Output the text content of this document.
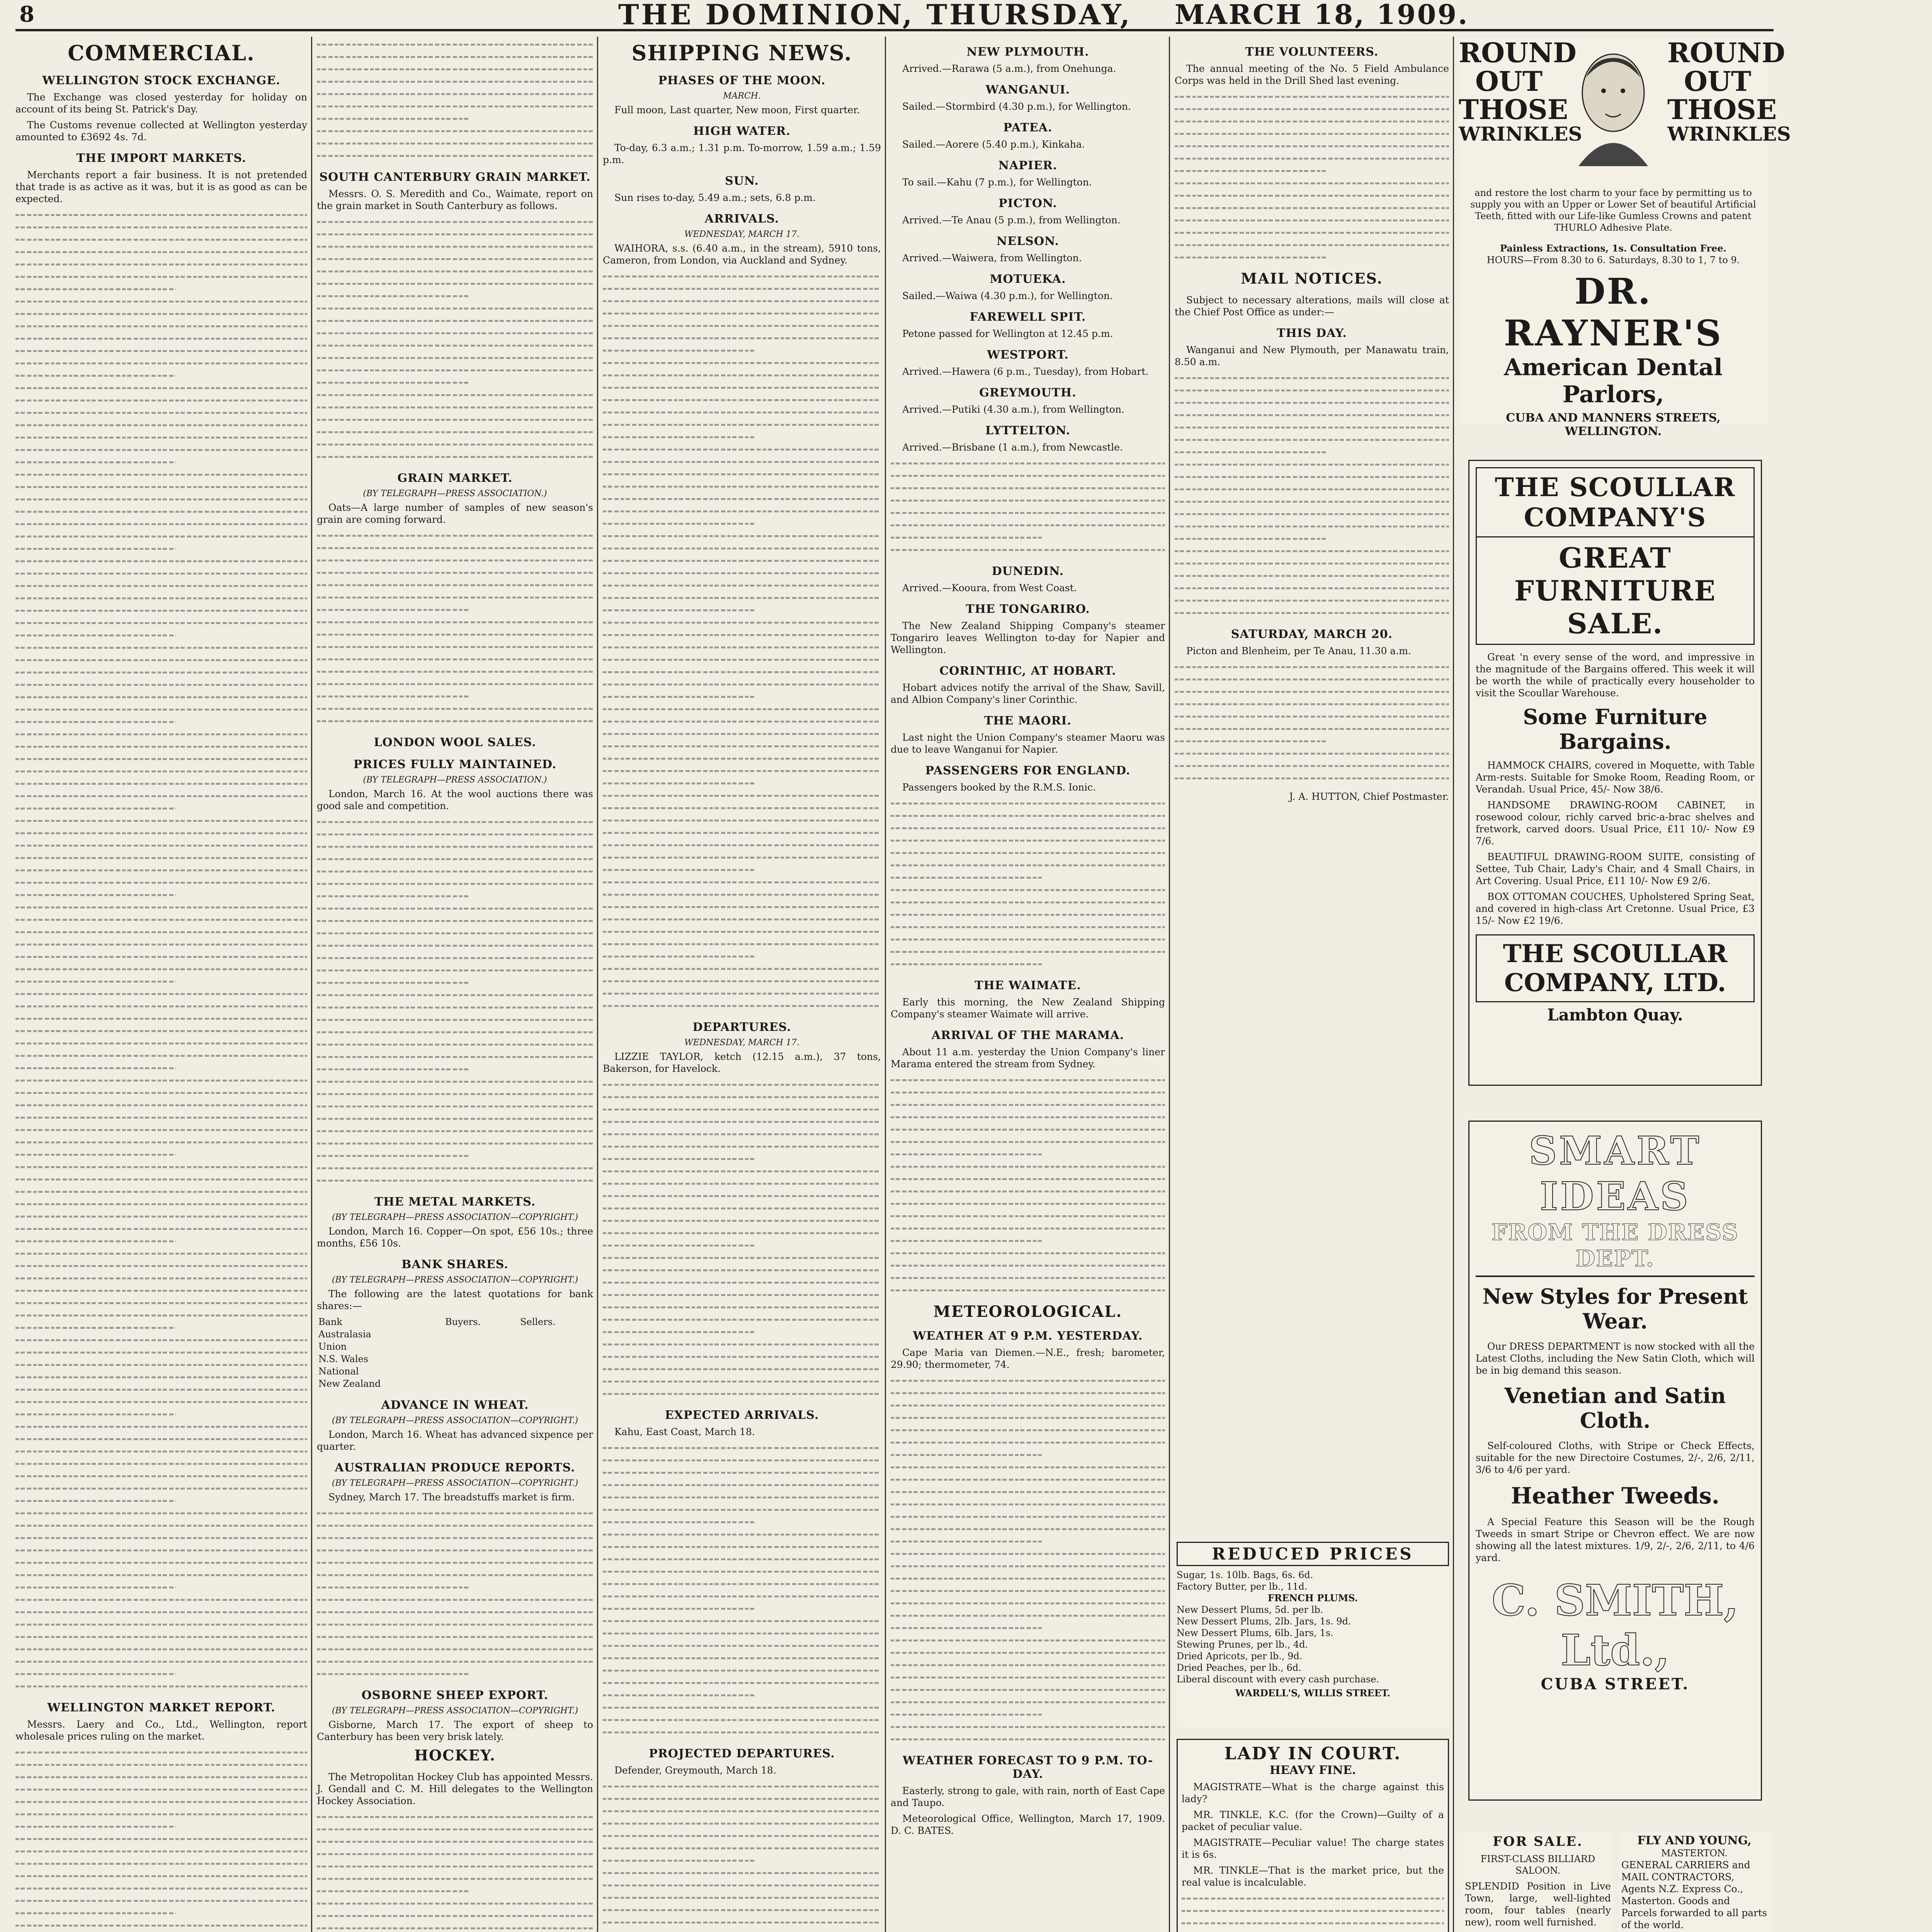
8	THE DOMINION, THURSDAY, MARCH 18, 1909.
COMMERCIAL.
WELLINGTON STOCK EXCHANGE.

The Exchange was closed yesterday for holiday on account of its being St. Patrick's Day.

The Customs revenue collected at Wellington yesterday amounted to £3692 4s. 7d.

THE IMPORT MARKETS.

Merchants report a fair business. It is not pretended that trade is as active as it was, but it is as good as can be expected.

WELLINGTON MARKET REPORT.

Messrs. Laery and Co., Ltd., Wellington, report wholesale prices ruling on the market.

SOUTH CANTERBURY GRAIN MARKET.

Messrs. O. S. Meredith and Co., Waimate, report on the grain market in South Canterbury as follows.

GRAIN MARKET.
(BY TELEGRAPH—PRESS ASSOCIATION.)

Oats—A large number of samples of new season's grain are coming forward.

LONDON WOOL SALES.
PRICES FULLY MAINTAINED.
(BY TELEGRAPH—PRESS ASSOCIATION.)

London, March 16. At the wool auctions there was good sale and competition.

THE METAL MARKETS.
(BY TELEGRAPH—PRESS ASSOCIATION—COPYRIGHT.)

London, March 16. Copper—On spot, £56 10s.; three months, £56 10s.

BANK SHARES.
(BY TELEGRAPH—PRESS ASSOCIATION—COPYRIGHT.)

The following are the latest quotations for bank shares:—

Bank	Buyers.	Sellers.
Australasia		
Union		
N.S. Wales		
National		
New Zealand		
ADVANCE IN WHEAT.
(BY TELEGRAPH—PRESS ASSOCIATION—COPYRIGHT.)

London, March 16. Wheat has advanced sixpence per quarter.

AUSTRALIAN PRODUCE REPORTS.
(BY TELEGRAPH—PRESS ASSOCIATION—COPYRIGHT.)

Sydney, March 17. The breadstuffs market is firm.

OSBORNE SHEEP EXPORT.
(BY TELEGRAPH—PRESS ASSOCIATION—COPYRIGHT.)

Gisborne, March 17. The export of sheep to Canterbury has been very brisk lately.

HOCKEY.

The Metropolitan Hockey Club has appointed Messrs. J. Gendall and C. M. Hill delegates to the Wellington Hockey Association.

SHIPPING NEWS.
PHASES OF THE MOON.
MARCH.

Full moon, Last quarter, New moon, First quarter.

HIGH WATER.

To-day, 6.3 a.m.; 1.31 p.m. To-morrow, 1.59 a.m.; 1.59 p.m.

SUN.

Sun rises to-day, 5.49 a.m.; sets, 6.8 p.m.

ARRIVALS.
WEDNESDAY, MARCH 17.

WAIHORA, s.s. (6.40 a.m., in the stream), 5910 tons, Cameron, from London, via Auckland and Sydney.

DEPARTURES.
WEDNESDAY, MARCH 17.

LIZZIE TAYLOR, ketch (12.15 a.m.), 37 tons, Bakerson, for Havelock.

EXPECTED ARRIVALS.

Kahu, East Coast, March 18.

PROJECTED DEPARTURES.

Defender, Greymouth, March 18.

NEW PLYMOUTH.

Arrived.—Rarawa (5 a.m.), from Onehunga.

WANGANUI.

Sailed.—Stormbird (4.30 p.m.), for Wellington.

PATEA.

Sailed.—Aorere (5.40 p.m.), Kinkaha.

NAPIER.

To sail.—Kahu (7 p.m.), for Wellington.

PICTON.

Arrived.—Te Anau (5 p.m.), from Wellington.

NELSON.

Arrived.—Waiwera, from Wellington.

MOTUEKA.

Sailed.—Waiwa (4.30 p.m.), for Wellington.

FAREWELL SPIT.

Petone passed for Wellington at 12.45 p.m.

WESTPORT.

Arrived.—Hawera (6 p.m., Tuesday), from Hobart.

GREYMOUTH.

Arrived.—Putiki (4.30 a.m.), from Wellington.

LYTTELTON.

Arrived.—Brisbane (1 a.m.), from Newcastle.

DUNEDIN.

Arrived.—Kooura, from West Coast.

THE TONGARIRO.

The New Zealand Shipping Company's steamer Tongariro leaves Wellington to-day for Napier and Wellington.

CORINTHIC, AT HOBART.

Hobart advices notify the arrival of the Shaw, Savill, and Albion Company's liner Corinthic.

THE MAORI.

Last night the Union Company's steamer Maoru was due to leave Wanganui for Napier.

PASSENGERS FOR ENGLAND.

Passengers booked by the R.M.S. Ionic.

THE WAIMATE.

Early this morning, the New Zealand Shipping Company's steamer Waimate will arrive.

ARRIVAL OF THE MARAMA.

About 11 a.m. yesterday the Union Company's liner Marama entered the stream from Sydney.

METEOROLOGICAL.
WEATHER AT 9 P.M. YESTERDAY.

Cape Maria van Diemen.—N.E., fresh; barometer, 29.90; thermometer, 74.

WEATHER FORECAST TO 9 P.M. TO-DAY.

Easterly, strong to gale, with rain, north of East Cape and Taupo.

Meteorological Office, Wellington, March 17, 1909. D. C. BATES.

THE VOLUNTEERS.

The annual meeting of the No. 5 Field Ambulance Corps was held in the Drill Shed last evening.

MAIL NOTICES.

Subject to necessary alterations, mails will close at the Chief Post Office as under:—

THIS DAY.

Wanganui and New Plymouth, per Manawatu train, 8.50 a.m.

SATURDAY, MARCH 20.

Picton and Blenheim, per Te Anau, 11.30 a.m.

J. A. HUTTON, Chief Postmaster.

REDUCED PRICES
Sugar, 1s. 10lb. Bags, 6s. 6d.
Factory Butter, per lb., 11d.
FRENCH PLUMS.
New Dessert Plums, 5d. per lb.
New Dessert Plums, 2lb. Jars, 1s. 9d.
New Dessert Plums, 6lb. Jars, 1s.
Stewing Prunes, per lb., 4d.
Dried Apricots, per lb., 9d.
Dried Peaches, per lb., 6d.
Liberal discount with every cash purchase.
WARDELL'S, WILLIS STREET.
LADY IN COURT.
HEAVY FINE.

MAGISTRATE—What is the charge against this lady?

MR. TINKLE, K.C. (for the Crown)—Guilty of a packet of peculiar value.

MAGISTRATE—Peculiar value! The charge states it is 6s.

MR. TINKLE—That is the market price, but the real value is incalculable.

ROUND
OUT
THOSE
WRINKLES
ROUND
OUT
THOSE
WRINKLES

and restore the lost charm to your face by permitting us to supply you with an Upper or Lower Set of beautiful Artificial Teeth, fitted with our Life-like Gumless Crowns and patent THURLO Adhesive Plate.

Painless Extractions, 1s. Consultation Free.
HOURS—From 8.30 to 6. Saturdays, 8.30 to 1, 7 to 9.
DR. RAYNER'S
American Dental Parlors,
CUBA AND MANNERS STREETS, WELLINGTON.
THE SCOULLAR COMPANY'S
GREAT FURNITURE SALE.

Great 'n every sense of the word, and impressive in the magnitude of the Bargains offered. This week it will be worth the while of practically every householder to visit the Scoullar Warehouse.

Some Furniture Bargains.

HAMMOCK CHAIRS, covered in Moquette, with Table Arm-rests. Suitable for Smoke Room, Reading Room, or Verandah. Usual Price, 45/- Now 38/6.

HANDSOME DRAWING-ROOM CABINET, in rosewood colour, richly carved bric-a-brac shelves and fretwork, carved doors. Usual Price, £11 10/- Now £9 7/6.

BEAUTIFUL DRAWING-ROOM SUITE, consisting of Settee, Tub Chair, Lady's Chair, and 4 Small Chairs, in Art Covering. Usual Price, £11 10/- Now £9 2/6.

BOX OTTOMAN COUCHES, Upholstered Spring Seat, and covered in high-class Art Cretonne. Usual Price, £3 15/- Now £2 19/6.

THE SCOULLAR COMPANY, LTD.
Lambton Quay.
SMART IDEAS
FROM THE DRESS DEPT.
New Styles for Present Wear.

Our DRESS DEPARTMENT is now stocked with all the Latest Cloths, including the New Satin Cloth, which will be in big demand this season.

Venetian and Satin Cloth.

Self-coloured Cloths, with Stripe or Check Effects, suitable for the new Directoire Costumes, 2/-, 2/6, 2/11, 3/6 to 4/6 per yard.

Heather Tweeds.

A Special Feature this Season will be the Rough Tweeds in smart Stripe or Chevron effect. We are now showing all the latest mixtures. 1/9, 2/-, 2/6, 2/11, to 4/6 yard.

C. SMITH, Ltd.,
CUBA STREET.
FOR SALE.
FIRST-CLASS BILLIARD SALOON.

SPLENDID Position in Live Town, large, well-lighted room, four tables (nearly new), room well furnished.

FLY AND YOUNG,
MASTERTON.

GENERAL CARRIERS and MAIL CONTRACTORS, Agents N.Z. Express Co., Masterton. Goods and Parcels forwarded to all parts of the world.
